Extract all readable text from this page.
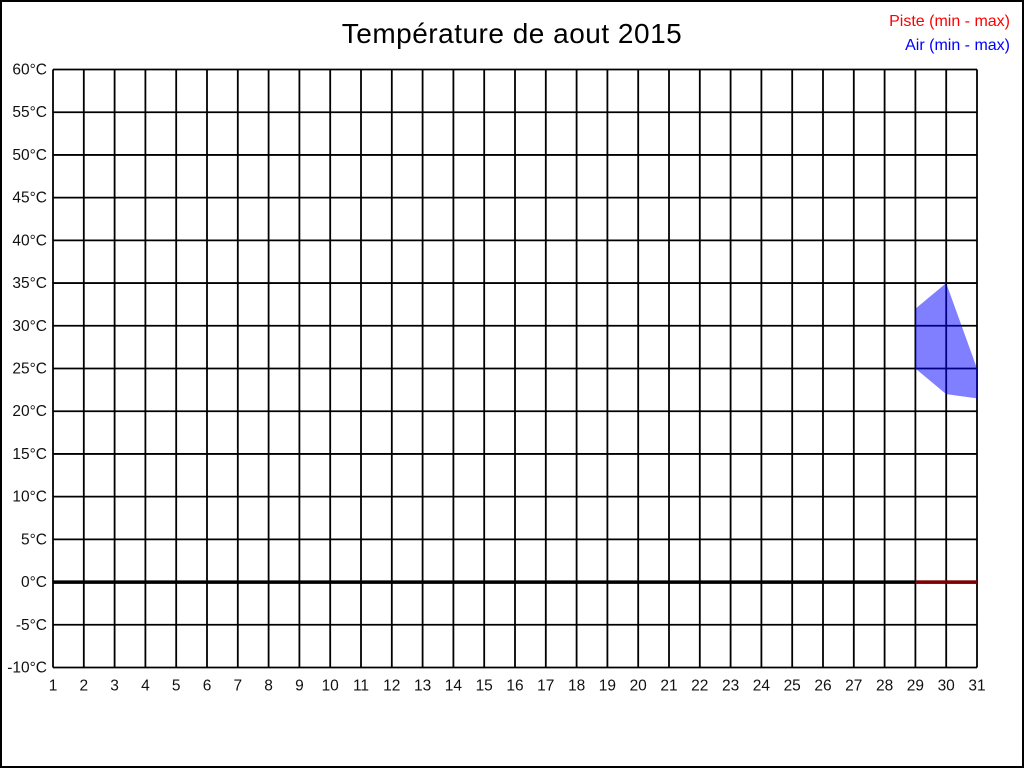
Température de aout 2015	Piste (min - max)
Air (min - max)
-10°C
-5°C
0°C
5°C
10°C
15°C
20°C
25°C
30°C
35°C
40°C
45°C
50°C
55°C
60°C
1 2 3 4 5 6 7 8 9 10 11 12 13 14 15 16 17 18 19 20 21 22 23 24 25 26 27 28 29 30 31
